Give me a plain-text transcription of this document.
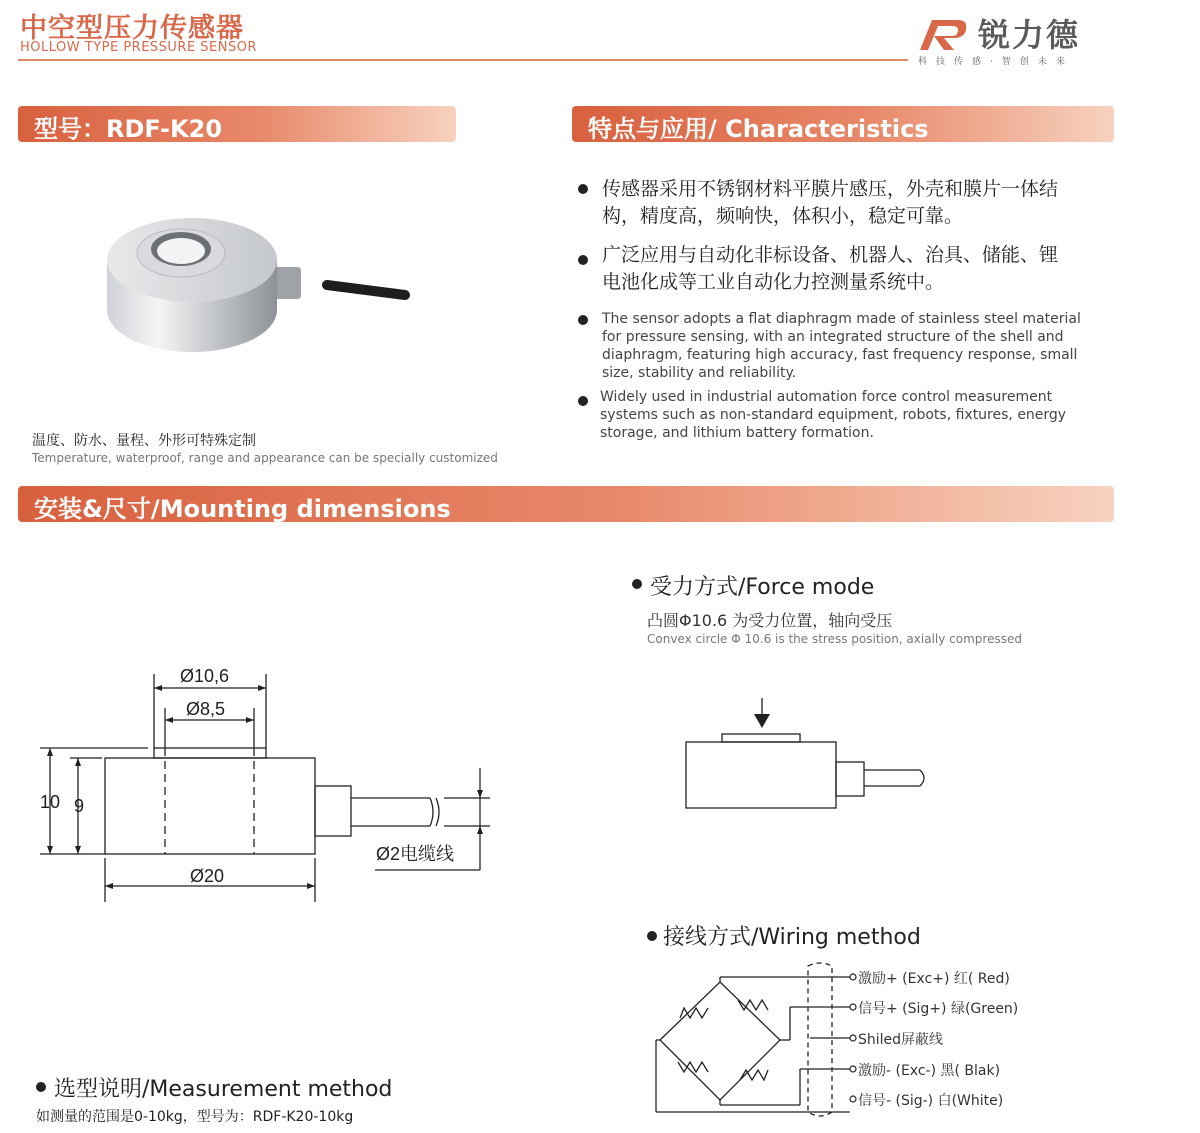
中空型压力传感器
HOLLOW TYPE PRESSURE SENSOR	锐力德
科技传感·智创未来
型号：RDF-K20	特点与应用/ Characteristics
温度、防水、量程、外形可特殊定制
Temperature, waterproof, range and appearance can be specially customized
传感器采用不锈钢材料平膜片感压，外壳和膜片一体结构，精度高，频响快，体积小，稳定可靠。
广泛应用与自动化非标设备、机器人、治具、储能、锂电池化成等工业自动化力控测量系统中。
The sensor adopts a flat diaphragm made of stainless steel material for pressure sensing, with an integrated structure of the shell and diaphragm, featuring high accuracy, fast frequency response, small size, stability and reliability.
Widely used in industrial automation force control measurement systems such as non-standard equipment, robots, fixtures, energy storage, and lithium battery formation.
安装&尺寸/Mounting dimensions
Ø10,6
Ø8,5
10 9
Ø20
Ø2电缆线
受力方式/Force mode
凸圆Φ10.6 为受力位置，轴向受压
Convex circle Φ 10.6 is the stress position, axially compressed
接线方式/Wiring method
激励+ (Exc+) 红( Red)
信号+ (Sig+) 绿(Green)
Shiled屏蔽线
激励- (Exc-) 黑( Blak)
信号- (Sig-) 白(White)
选型说明/Measurement method
如测量的范围是0-10kg，型号为：RDF-K20-10kg
